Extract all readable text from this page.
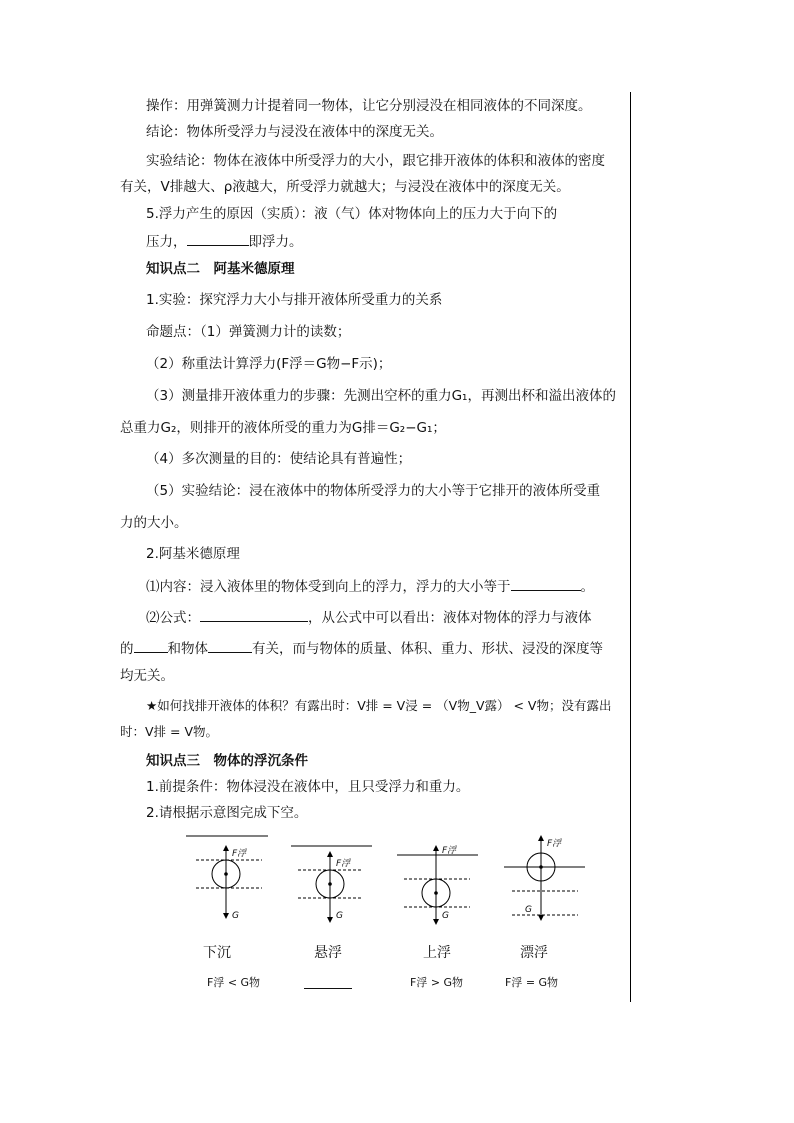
操作：用弹簧测力计提着同一物体，让它分别浸没在相同液体的不同深度。
结论：物体所受浮力与浸没在液体中的深度无关。
实验结论：物体在液体中所受浮力的大小，跟它排开液体的体积和液体的密度
有关，V排越大、ρ液越大，所受浮力就越大；与浸没在液体中的深度无关。
5.浮力产生的原因（实质）：液（气）体对物体向上的压力大于向下的
压力，	即浮力。
知识点二　阿基米德原理
1.实验：探究浮力大小与排开液体所受重力的关系
命题点：（1）弹簧测力计的读数；
（2）称重法计算浮力(F浮＝G物−F示)；
（3）测量排开液体重力的步骤：先测出空杯的重力G₁，再测出杯和溢出液体的
总重力G₂，则排开的液体所受的重力为G排＝G₂−G₁；
（4）多次测量的目的：使结论具有普遍性；
（5）实验结论：浸在液体中的物体所受浮力的大小等于它排开的液体所受重
力的大小。
2.阿基米德原理
⑴内容：浸入液体里的物体受到向上的浮力，浮力的大小等于	。
⑵公式：	，从公式中可以看出：液体对物体的浮力与液体
的	和物体	有关，而与物体的质量、体积、重力、形状、浸没的深度等
均无关。
★如何找排开液体的体积？有露出时：V排 = V浸 = （V物_V露） < V物；没有露出
时：V排 = V物。
知识点三　物体的浮沉条件
1.前提条件：物体浸没在液体中，且只受浮力和重力。
2.请根据示意图完成下空。
F浮
G
F浮
G
F浮
G
F浮
G
下沉	悬浮	上浮	漂浮
F浮 < G物	F浮 > G物	F浮 = G物
